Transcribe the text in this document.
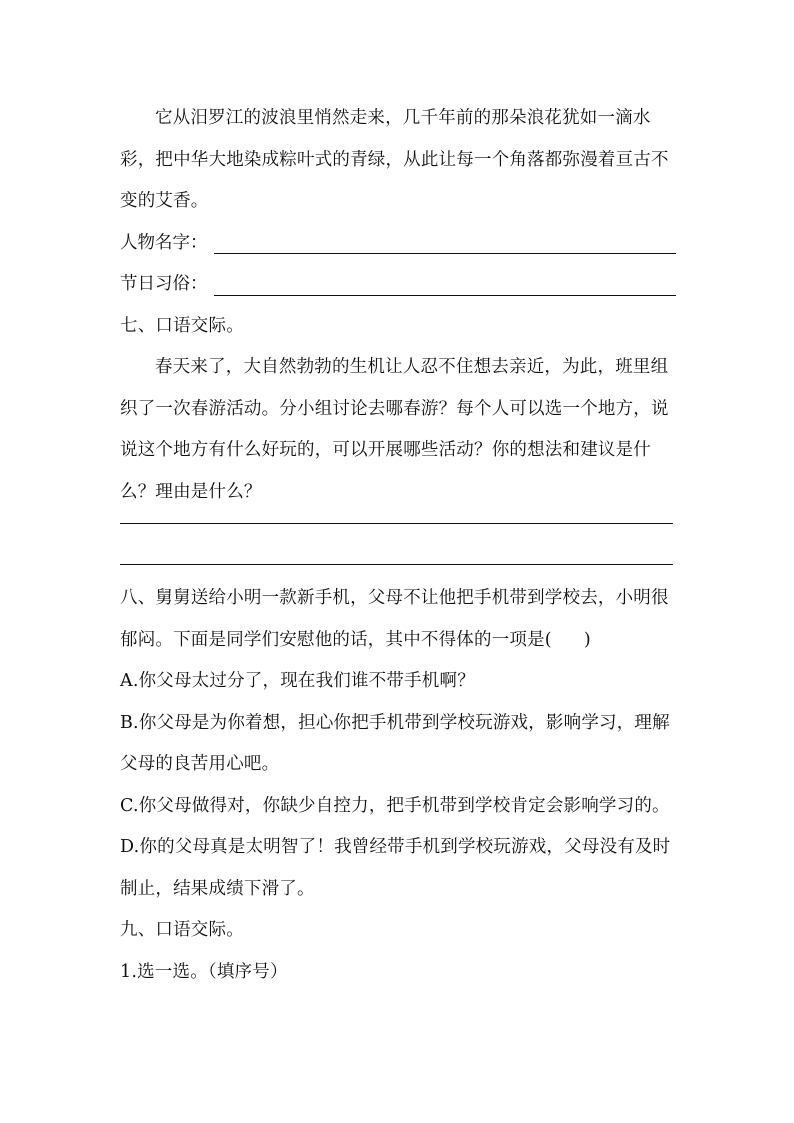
它从汨罗江的波浪里悄然走来，几千年前的那朵浪花犹如一滴水彩，把中华大地染成粽叶式的青绿，从此让每一个角落都弥漫着亘古不变的艾香。

人物名字：
节日习俗：

七、口语交际。

春天来了，大自然勃勃的生机让人忍不住想去亲近，为此，班里组织了一次春游活动。分小组讨论去哪春游？每个人可以选一个地方，说说这个地方有什么好玩的，可以开展哪些活动？你的想法和建议是什么？理由是什么？

八、舅舅送给小明一款新手机，父母不让他把手机带到学校去，小明很郁闷。下面是同学们安慰他的话，其中不得体的一项是( )

A.你父母太过分了，现在我们谁不带手机啊？

B.你父母是为你着想，担心你把手机带到学校玩游戏，影响学习，理解父母的良苦用心吧。

C.你父母做得对，你缺少自控力，把手机带到学校肯定会影响学习的。

D.你的父母真是太明智了！我曾经带手机到学校玩游戏，父母没有及时制止，结果成绩下滑了。

九、口语交际。

1.选一选。（填序号）
